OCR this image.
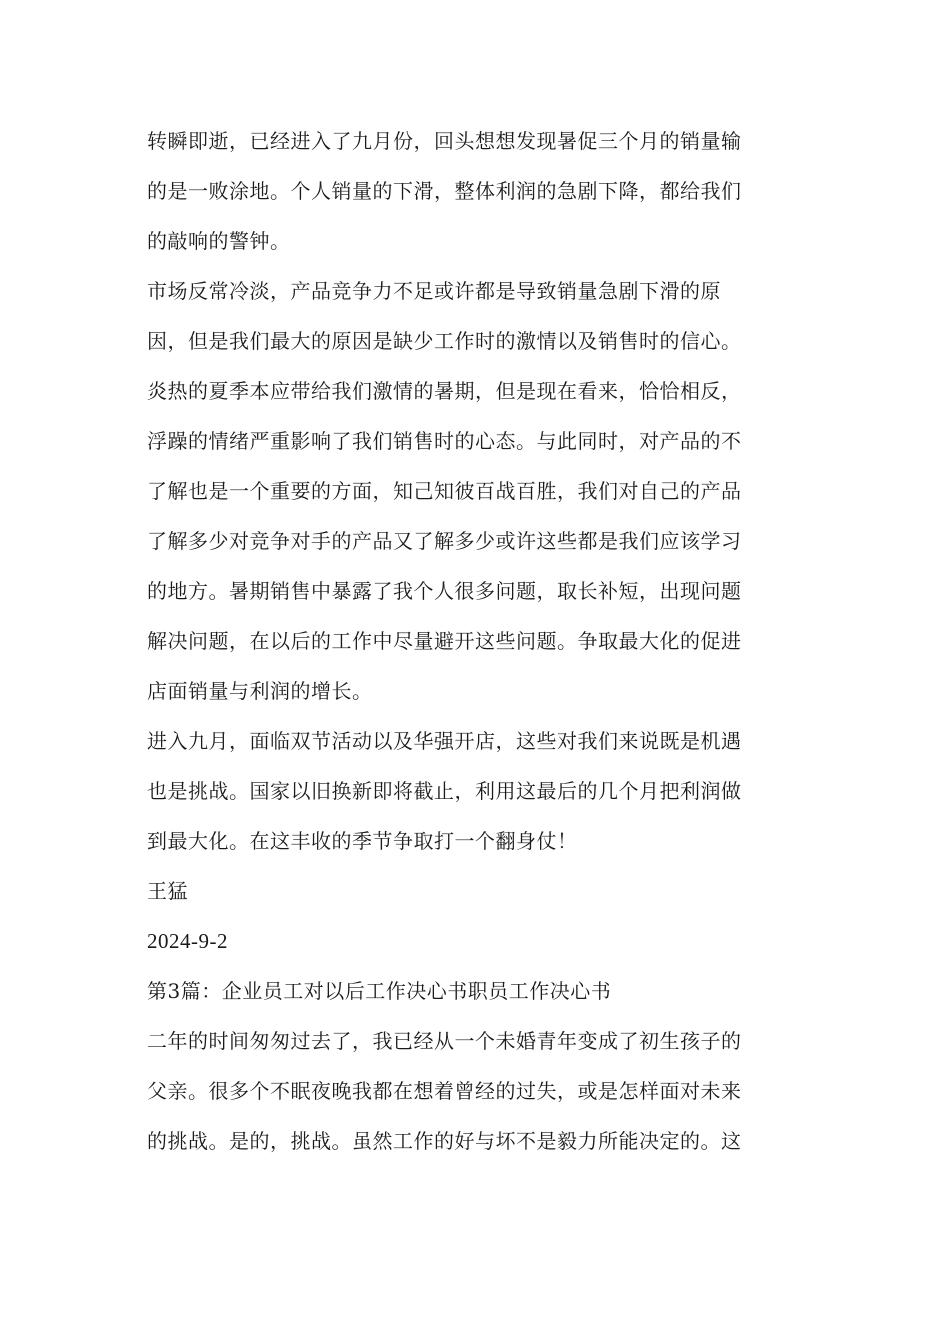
转瞬即逝，已经进入了九月份，回头想想发现暑促三个月的销量输
的是一败涂地。个人销量的下滑，整体利润的急剧下降，都给我们
的敲响的警钟。
市场反常冷淡，产品竞争力不足或许都是导致销量急剧下滑的原
因，但是我们最大的原因是缺少工作时的激情以及销售时的信心。
炎热的夏季本应带给我们激情的暑期，但是现在看来，恰恰相反，
浮躁的情绪严重影响了我们销售时的心态。与此同时，对产品的不
了解也是一个重要的方面，知己知彼百战百胜，我们对自己的产品
了解多少对竞争对手的产品又了解多少或许这些都是我们应该学习
的地方。暑期销售中暴露了我个人很多问题，取长补短，出现问题
解决问题，在以后的工作中尽量避开这些问题。争取最大化的促进
店面销量与利润的增长。
进入九月，面临双节活动以及华强开店，这些对我们来说既是机遇
也是挑战。国家以旧换新即将截止，利用这最后的几个月把利润做
到最大化。在这丰收的季节争取打一个翻身仗！
王猛
2024-9-2
第3篇：企业员工对以后工作决心书职员工作决心书
二年的时间匆匆过去了，我已经从一个未婚青年变成了初生孩子的
父亲。很多个不眠夜晚我都在想着曾经的过失，或是怎样面对未来
的挑战。是的，挑战。虽然工作的好与坏不是毅力所能决定的。这
